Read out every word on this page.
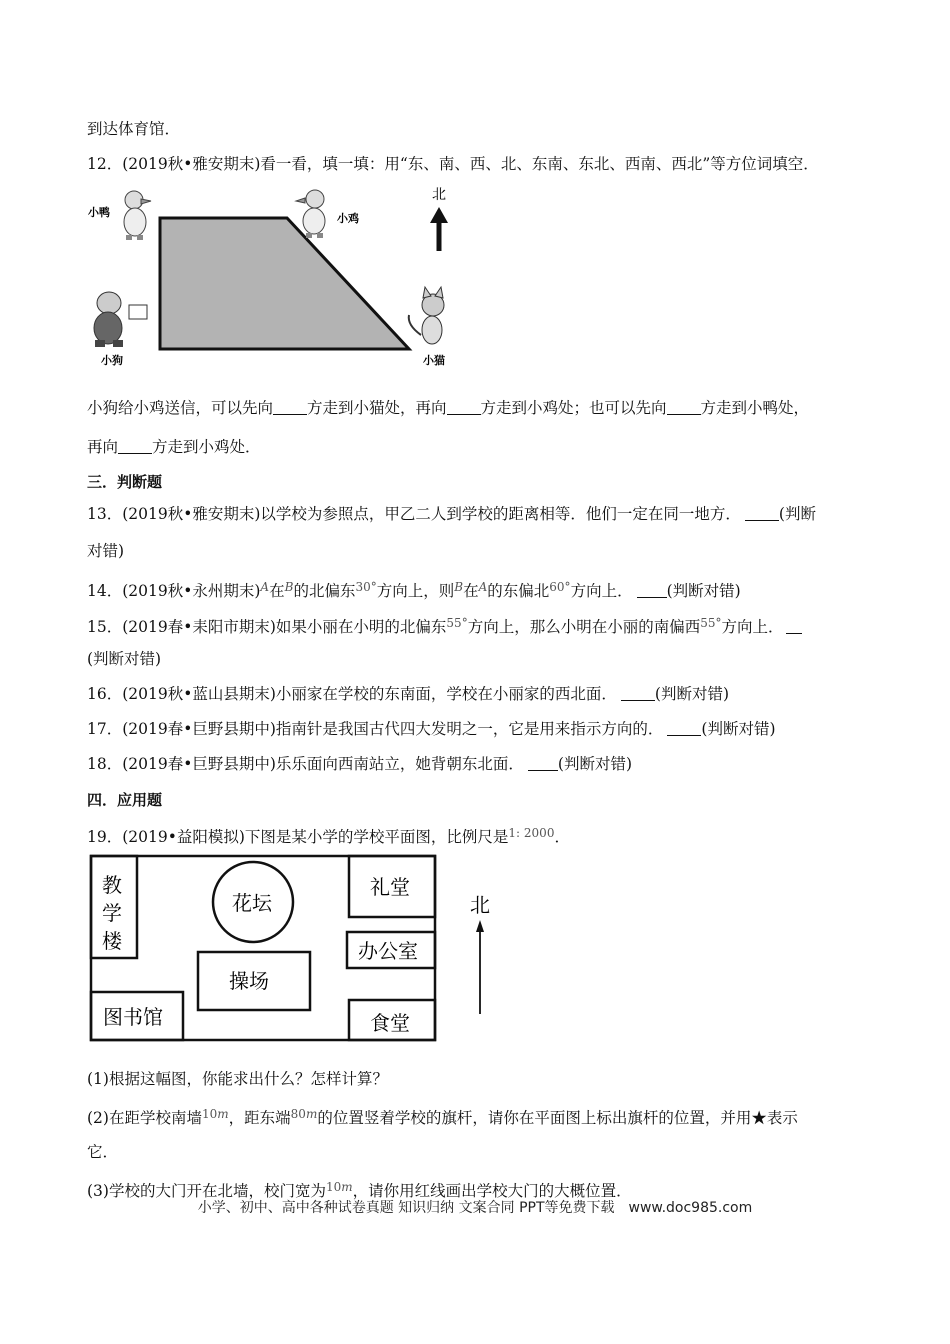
到达体育馆．
12．(2019秋•雅安期末)看一看，填一填：用“东、南、西、北、东南、东北、西南、西北”等方位词填空．
小鸭	小鸡
北
小狗	小猫
小狗给小鸡送信，可以先向 方走到小猫处，再向 方走到小鸡处；也可以先向 方走到小鸭处，
再向 方走到小鸡处．
三．判断题
13．(2019秋•雅安期末)以学校为参照点，甲乙二人到学校的距离相等．他们一定在同一地方． (判断
对错)
14．(2019秋•永州期末)$^A$在$^B$的北偏东$^{30^\circ}$方向上，则$^B$在$^A$的东偏北$^{60^\circ}$方向上． (判断对错)
15．(2019春•耒阳市期末)如果小丽在小明的北偏东$^{55^\circ}$方向上，那么小明在小丽的南偏西$^{55^\circ}$方向上．
(判断对错)
16．(2019秋•蓝山县期末)小丽家在学校的东南面，学校在小丽家的西北面． (判断对错)
17．(2019春•巨野县期中)指南针是我国古代四大发明之一，它是用来指示方向的． (判断对错)
18．(2019春•巨野县期中)乐乐面向西南站立，她背朝东北面． (判断对错)
四．应用题
19．(2019•益阳模拟)下图是某小学的学校平面图，比例尺是$^{1: 2000}$．
教
学
楼
花坛
礼堂
办公室
操场
图书馆	食堂
北
(1)根据这幅图，你能求出什么？怎样计算？
(2)在距学校南墙$^{10m}$，距东端$^{80m}$的位置竖着学校的旗杆，请你在平面图上标出旗杆的位置，并用★表示
它．
(3)学校的大门开在北墙，校门宽为$^{10m}$，请你用红线画出学校大门的大概位置．
小学、初中、高中各种试卷真题 知识归纳 文案合同 PPT等免费下载　www.doc985.com
